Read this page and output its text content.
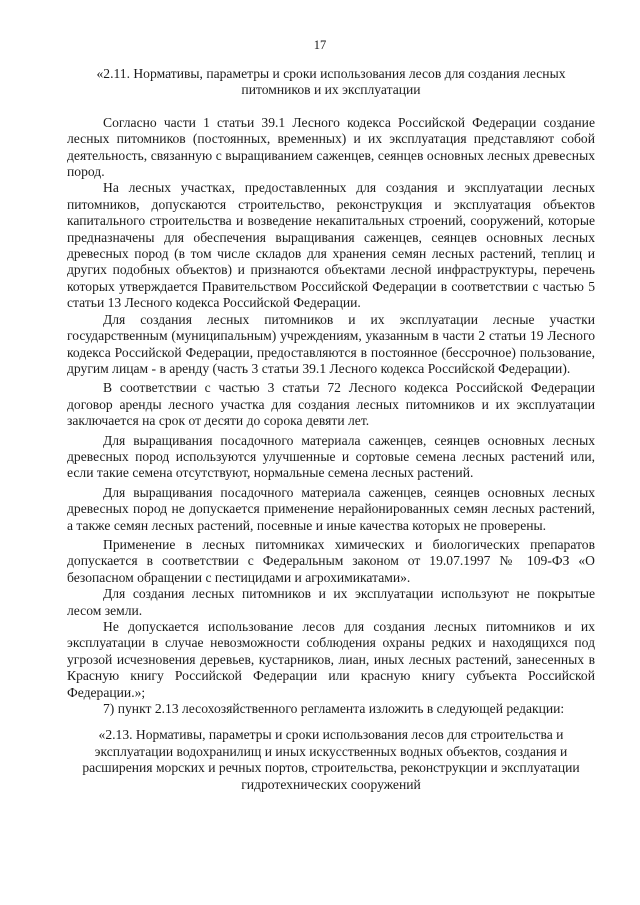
17

«2.11. Нормативы, параметры и сроки использования лесов для создания лесных питомников и их эксплуатации

Согласно части 1 статьи 39.1 Лесного кодекса Российской Федерации создание лесных питомников (постоянных, временных) и их эксплуатация представляют собой деятельность, связанную с выращиванием саженцев, сеянцев основных лесных древесных пород.

На лесных участках, предоставленных для создания и эксплуатации лесных питомников, допускаются строительство, реконструкция и эксплуатация объектов капитального строительства и возведение некапитальных строений, сооружений, которые предназначены для обеспечения выращивания саженцев, сеянцев основных лесных древесных пород (в том числе складов для хранения семян лесных растений, теплиц и других подобных объектов) и признаются объектами лесной инфраструктуры, перечень которых утверждается Правительством Российской Федерации в соответствии с частью 5 статьи 13 Лесного кодекса Российской Федерации.

Для создания лесных питомников и их эксплуатации лесные участки государственным (муниципальным) учреждениям, указанным в части 2 статьи 19 Лесного кодекса Российской Федерации, предоставляются в постоянное (бессрочное) пользование, другим лицам - в аренду (часть 3 статьи 39.1 Лесного кодекса Российской Федерации).

В соответствии с частью 3 статьи 72 Лесного кодекса Российской Федерации договор аренды лесного участка для создания лесных питомников и их эксплуатации заключается на срок от десяти до сорока девяти лет.

Для выращивания посадочного материала саженцев, сеянцев основных лесных древесных пород используются улучшенные и сортовые семена лесных растений или, если такие семена отсутствуют, нормальные семена лесных растений.

Для выращивания посадочного материала саженцев, сеянцев основных лесных древесных пород не допускается применение нерайонированных семян лесных растений, а также семян лесных растений, посевные и иные качества которых не проверены.

Применение в лесных питомниках химических и биологических препаратов допускается в соответствии с Федеральным законом от 19.07.1997 № 109-ФЗ «О безопасном обращении с пестицидами и агрохимикатами».

Для создания лесных питомников и их эксплуатации используют не покрытые лесом земли.

Не допускается использование лесов для создания лесных питомников и их эксплуатации в случае невозможности соблюдения охраны редких и находящихся под угрозой исчезновения деревьев, кустарников, лиан, иных лесных растений, занесенных в Красную книгу Российской Федерации или красную книгу субъекта Российской Федерации.»;

7) пункт 2.13 лесохозяйственного регламента изложить в следующей редакции:

«2.13. Нормативы, параметры и сроки использования лесов для строительства и эксплуатации водохранилищ и иных искусственных водных объектов, создания и расширения морских и речных портов, строительства, реконструкции и эксплуатации гидротехнических сооружений
